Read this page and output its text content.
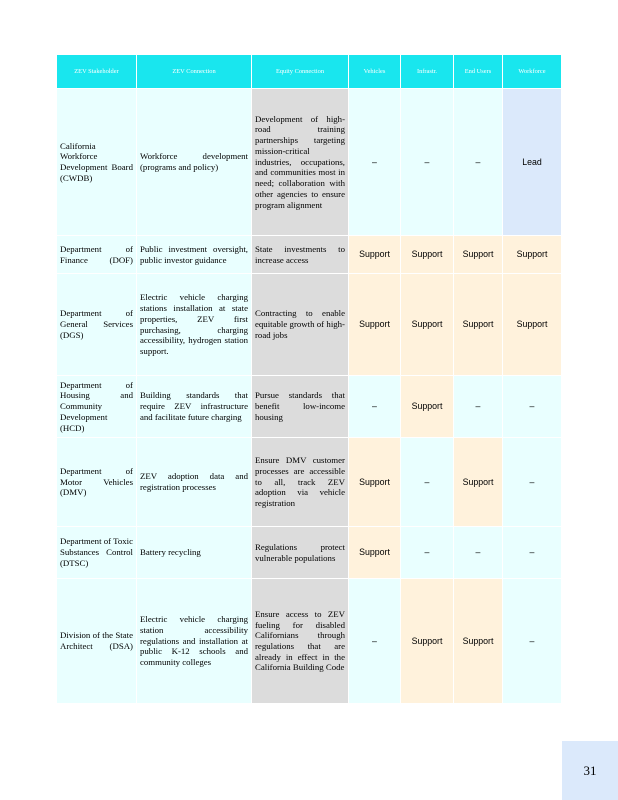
ZEV Stakeholder	ZEV Connection	Equity Connection	Vehicles	Infrastr.	End Users	Workforce
California Workforce Development Board (CWDB)	Workforce development (programs and policy)	Development of high-road training partnerships targeting mission-critical industries, occupations, and communities most in need; collaboration with other agencies to ensure program alignment	–	–	–	Lead
Department of Finance (DOF)	Public investment oversight, public investor guidance	State investments to increase access	Support	Support	Support	Support
Department of General Services (DGS)	Electric vehicle charging stations installation at state properties, ZEV first purchasing, charging accessibility, hydrogen station support.	Contracting to enable equitable growth of high-road jobs	Support	Support	Support	Support
Department of Housing and Community Development (HCD)	Building standards that require ZEV infrastructure and facilitate future charging	Pursue standards that benefit low-income housing	–	Support	–	–
Department of Motor Vehicles (DMV)	ZEV adoption data and registration processes	Ensure DMV customer processes are accessible to all, track ZEV adoption via vehicle registration	Support	–	Support	–
Department of Toxic Substances Control (DTSC)	Battery recycling	Regulations protect vulnerable populations	Support	–	–	–
Division of the State Architect (DSA)	Electric vehicle charging station accessibility regulations and installation at public K-12 schools and community colleges	Ensure access to ZEV fueling for disabled Californians through regulations that are already in effect in the California Building Code	–	Support	Support	–
31
